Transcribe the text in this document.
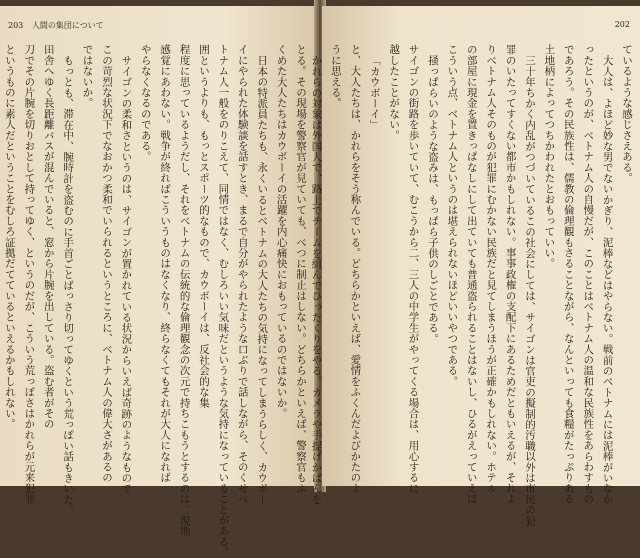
203 人間の集団について
とる。その現場を警察官が見ていても、べつに制止はしない。どちらかといえば、警察官もふ
くめた大人たちはカウボーイの活躍を内心痛快におもっているのではないか。
日本の特派員たちも、永くいるとベトナムの大人たちの気持になってしまうらしく、カウボー
イにやられた体験談を話すとき、まるで自分がやられたような口ぶりで話しながら、そのくせベ
トナム人一般をのりこえて、同情ではなく、むしろいい気味だというような気持になっていることがある。
囲というよりも、もっとスポーツ的なもので、カウボーイは、反社会的な集
程度に思っているようだし、それをベトナムの伝統的な倫理観念の次元で持ちこもうとするのは、現地
感覚にあわない。戦争が終ればこういうものはなくなり、終らなくてもそれが大人になれば
やらなくなるのである。
サイゴンの柔和さというのは、サイゴンが置かれている状況からいえば奇跡のようなもので、
この苛烈な状況下でなおかつ柔和でいられるというところに、ベトナム人の偉大さがあるの
ではないか。
もっとも、滞在中、腕時計を盗むのに手首ごとばっさり切ってゆくという荒っぽい話もきいた。
田舎へゆく長距離バスが混んでいると、窓から片腕を出している。盗む者がその
刀でその片腕を切りおとして持ってゆく、というのだが、こういう荒っぽさはかれらが元来犯罪
というものに素人だということをむしろ証拠だてているといえるかもしれない。
202
ているような感じさえある。
大人は、よほど妙な男でないかぎり、泥棒などはやらない。戦前のベトナムには泥棒がいなか
ったというのが、ベトナム人の自慢だが、このことはベトナム人の温和な民族性をあらわすもの
であろう。その民族性は、儒教の倫理観もさることながら、なんといっても食糧がたっぷりある
土地柄によってつちかわれたとおもっていい。
三十年ちかく内乱がつづいているこの社会にしては、サイゴンは官吏の擬制的汚職以外は市民の犯
罪のいたってすくない都市かもしれない。事事政権の支配下にあるためだともいえるが、それよ
りベトナム人そのものが犯罪にむかない民族だと見てしまうほうが正確かもしれない。ホテル
の部屋に現金を置きっぱなしにして出ていても普通盗られることはないし、ひるがえっていえば
こういう点、ベトナム人というのは堪えられないほどいいやつである。
掻っぱらいのような盗みは、もっぱら子供のしごとである。
サイゴンの街路を歩いていて、むこうから二、三人の中学生がやってくる場合は、用心するに
越したことがない。
「カウボーイ」
と、大人たちは、かれらをそう称んでいる。どちらかといえば、愛情をふくんだよびかたのよ
うに思える。
かれらの対象は外国人で、路上でチームを組んでひったくりをやる。カメラや手提げかばんを
